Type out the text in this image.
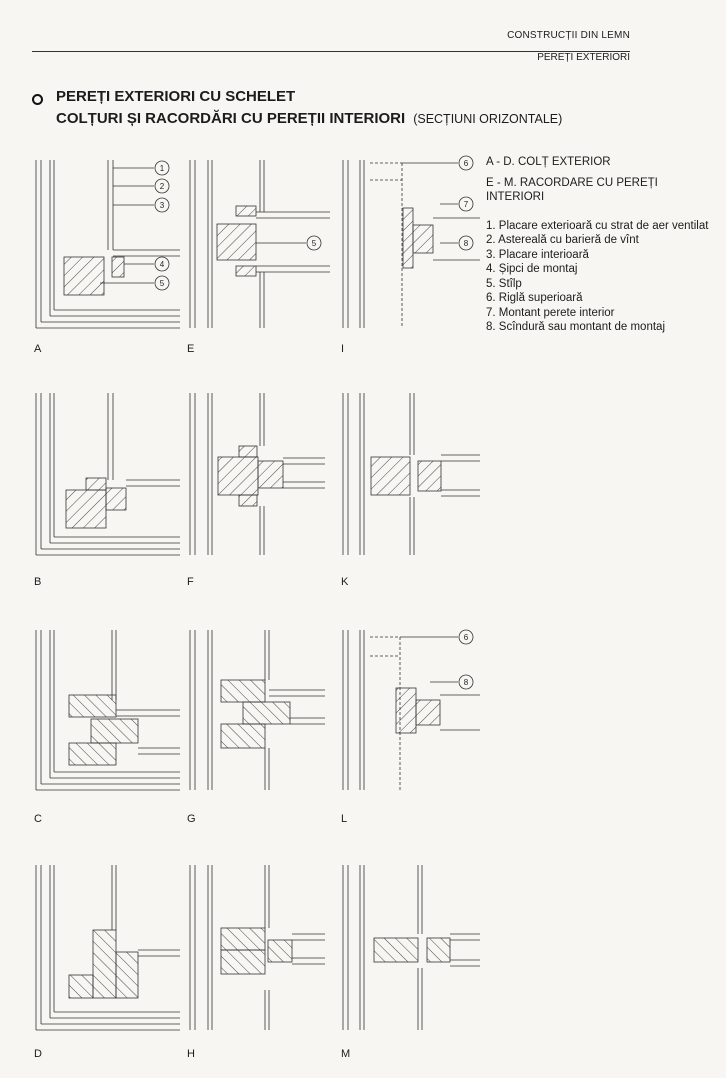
CONSTRUCȚII DIN LEMN
PEREȚI EXTERIORI
PEREȚI EXTERIORI CU SCHELET
COLȚURI ȘI RACORDĂRI CU PEREȚII INTERIORI (SECȚIUNI ORIZONTALE)
A - D. COLȚ EXTERIOR
E - M. RACORDARE CU PEREȚI INTERIORI
1. Placare exterioară cu strat de aer ventilat
2. Astereală cu barieră de vînt
3. Placare interioară
4. Șipci de montaj
5. Stîlp
6. Riglă superioară
7. Montant perete interior
8. Scîndură sau montant de montaj
1
2
3
4
5
5
6
7
8
6
8
A	E	I
B	F	K
C	G	L
D	H	M
